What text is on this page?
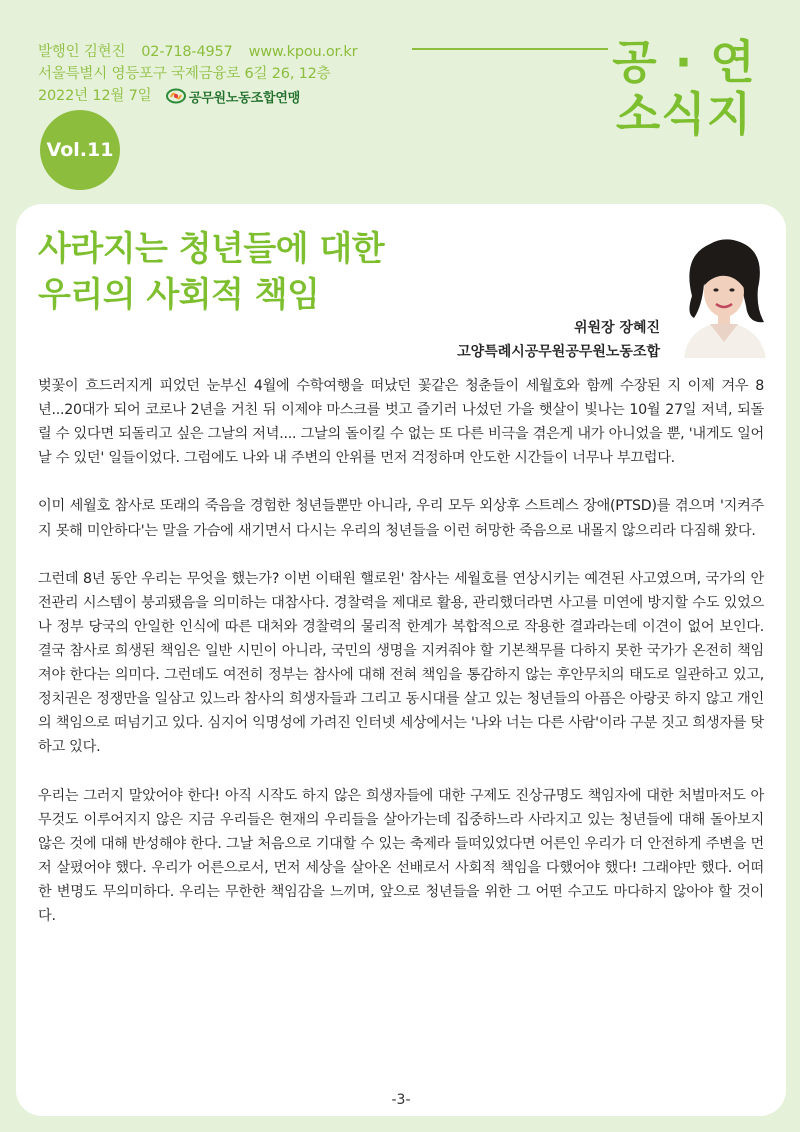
발행인 김현진 02-718-4957 www.kpou.or.kr
서울특별시 영등포구 국제금융로 6길 26, 12층
2022년 12월 7일	공무원노동조합연맹
공 · 연
소식지
Vol.11
사라지는 청년들에 대한
우리의 사회적 책임
위원장 장혜진
고양특례시공무원공무원노동조합

벚꽃이 흐드러지게 피었던 눈부신 4월에 수학여행을 떠났던 꽃같은 청춘들이 세월호와 함께 수장된 지 이제 겨우 8년...20대가 되어 코로나 2년을 거친 뒤 이제야 마스크를 벗고 즐기러 나섰던 가을 햇살이 빛나는 10월 27일 저녁, 되돌릴 수 있다면 되돌리고 싶은 그날의 저녁.... 그날의 돌이킬 수 없는 또 다른 비극을 겪은게 내가 아니었을 뿐, '내게도 일어날 수 있던' 일들이었다. 그럼에도 나와 내 주변의 안위를 먼저 걱정하며 안도한 시간들이 너무나 부끄럽다.

이미 세월호 참사로 또래의 죽음을 경험한 청년들뿐만 아니라, 우리 모두 외상후 스트레스 장애(PTSD)를 겪으며 '지켜주지 못해 미안하다'는 말을 가슴에 새기면서 다시는 우리의 청년들을 이런 허망한 죽음으로 내몰지 않으리라 다짐해 왔다.

그런데 8년 동안 우리는 무엇을 했는가? 이번 이태원 핼로윈' 참사는 세월호를 연상시키는 예견된 사고였으며, 국가의 안전관리 시스템이 붕괴됐음을 의미하는 대참사다. 경찰력을 제대로 활용, 관리했더라면 사고를 미연에 방지할 수도 있었으나 정부 당국의 안일한 인식에 따른 대처와 경찰력의 물리적 한계가 복합적으로 작용한 결과라는데 이견이 없어 보인다. 결국 참사로 희생된 책임은 일반 시민이 아니라, 국민의 생명을 지켜줘야 할 기본책무를 다하지 못한 국가가 온전히 책임져야 한다는 의미다. 그런데도 여전히 정부는 참사에 대해 전혀 책임을 통감하지 않는 후안무치의 태도로 일관하고 있고, 정치권은 정쟁만을 일삼고 있느라 참사의 희생자들과 그리고 동시대를 살고 있는 청년들의 아픔은 아랑곳 하지 않고 개인의 책임으로 떠넘기고 있다. 심지어 익명성에 가려진 인터넷 세상에서는 '나와 너는 다른 사람'이라 구분 짓고 희생자를 탓하고 있다.

우리는 그러지 말았어야 한다! 아직 시작도 하지 않은 희생자들에 대한 구제도 진상규명도 책임자에 대한 처벌마저도 아무것도 이루어지지 않은 지금 우리들은 현재의 우리들을 살아가는데 집중하느라 사라지고 있는 청년들에 대해 돌아보지 않은 것에 대해 반성해야 한다. 그날 처음으로 기대할 수 있는 축제라 들떠있었다면 어른인 우리가 더 안전하게 주변을 먼저 살폈어야 했다. 우리가 어른으로서, 먼저 세상을 살아온 선배로서 사회적 책임을 다했어야 했다! 그래야만 했다. 어떠한 변명도 무의미하다. 우리는 무한한 책임감을 느끼며, 앞으로 청년들을 위한 그 어떤 수고도 마다하지 않아야 할 것이다.

-3-
